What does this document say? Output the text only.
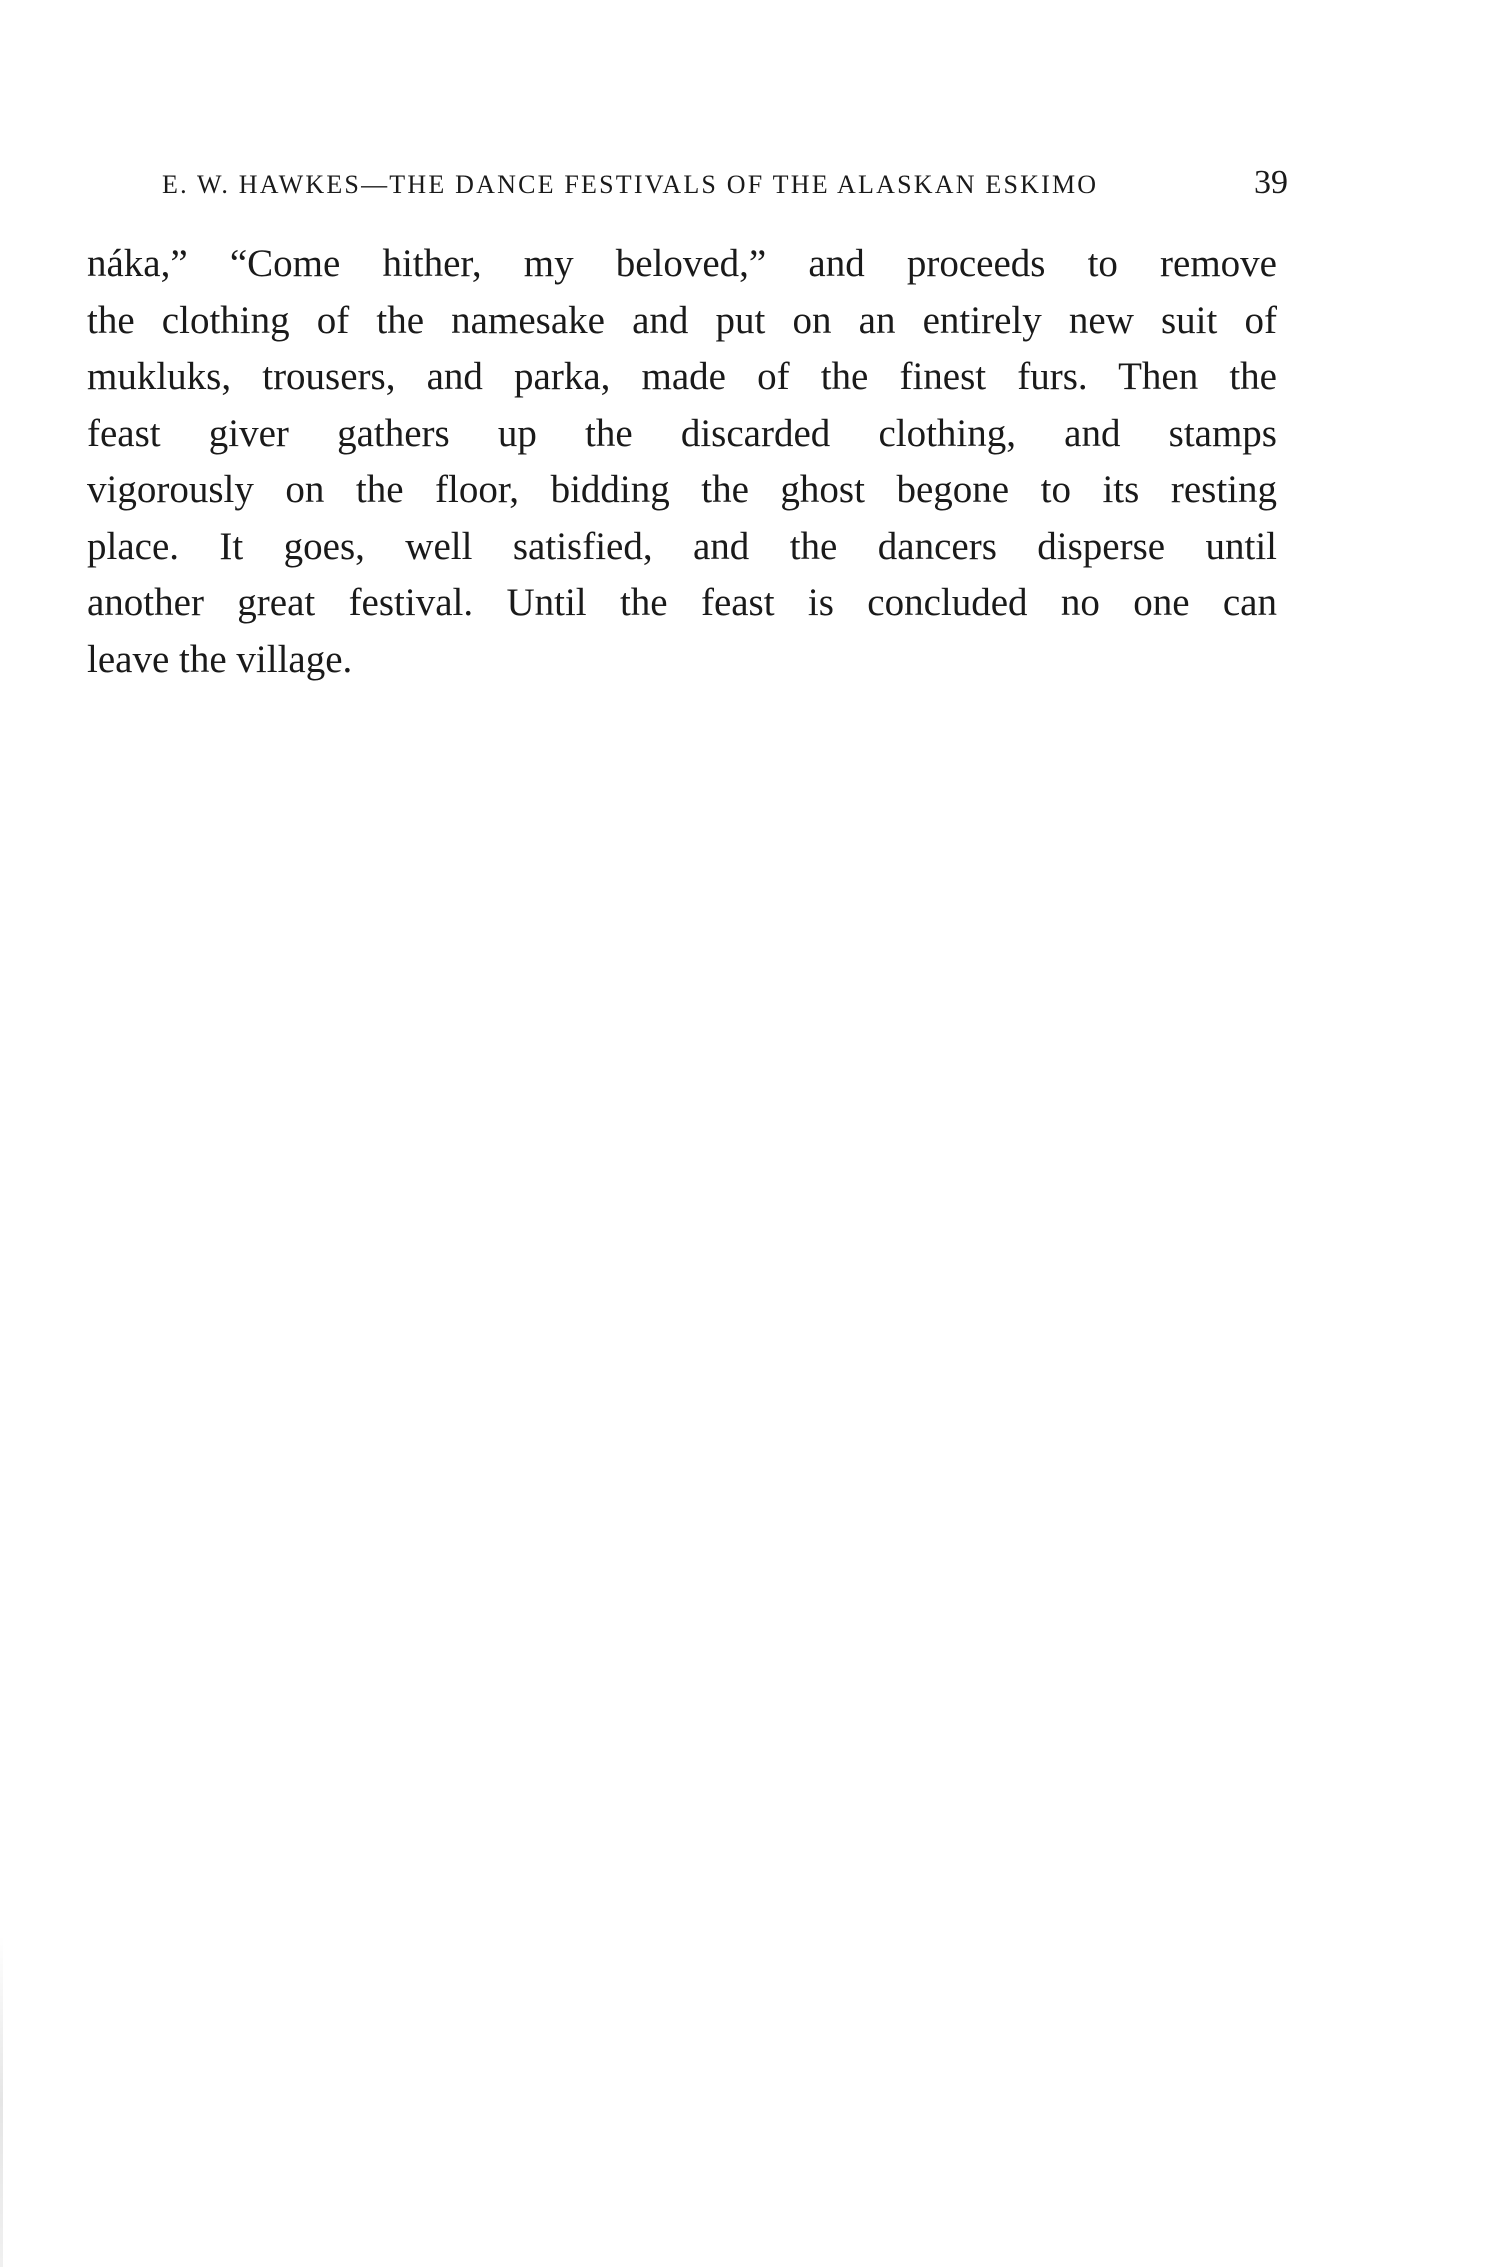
E. W. HAWKES—THE DANCE FESTIVALS OF THE ALASKAN ESKIMO	39
náka,” “Come hither, my beloved,” and proceeds to remove
the clothing of the namesake and put on an entirely new suit of
mukluks, trousers, and parka, made of the finest furs. Then the
feast giver gathers up the discarded clothing, and stamps
vigorously on the floor, bidding the ghost begone to its resting
place. It goes, well satisfied, and the dancers disperse until
another great festival. Until the feast is concluded no one can
leave the village.
